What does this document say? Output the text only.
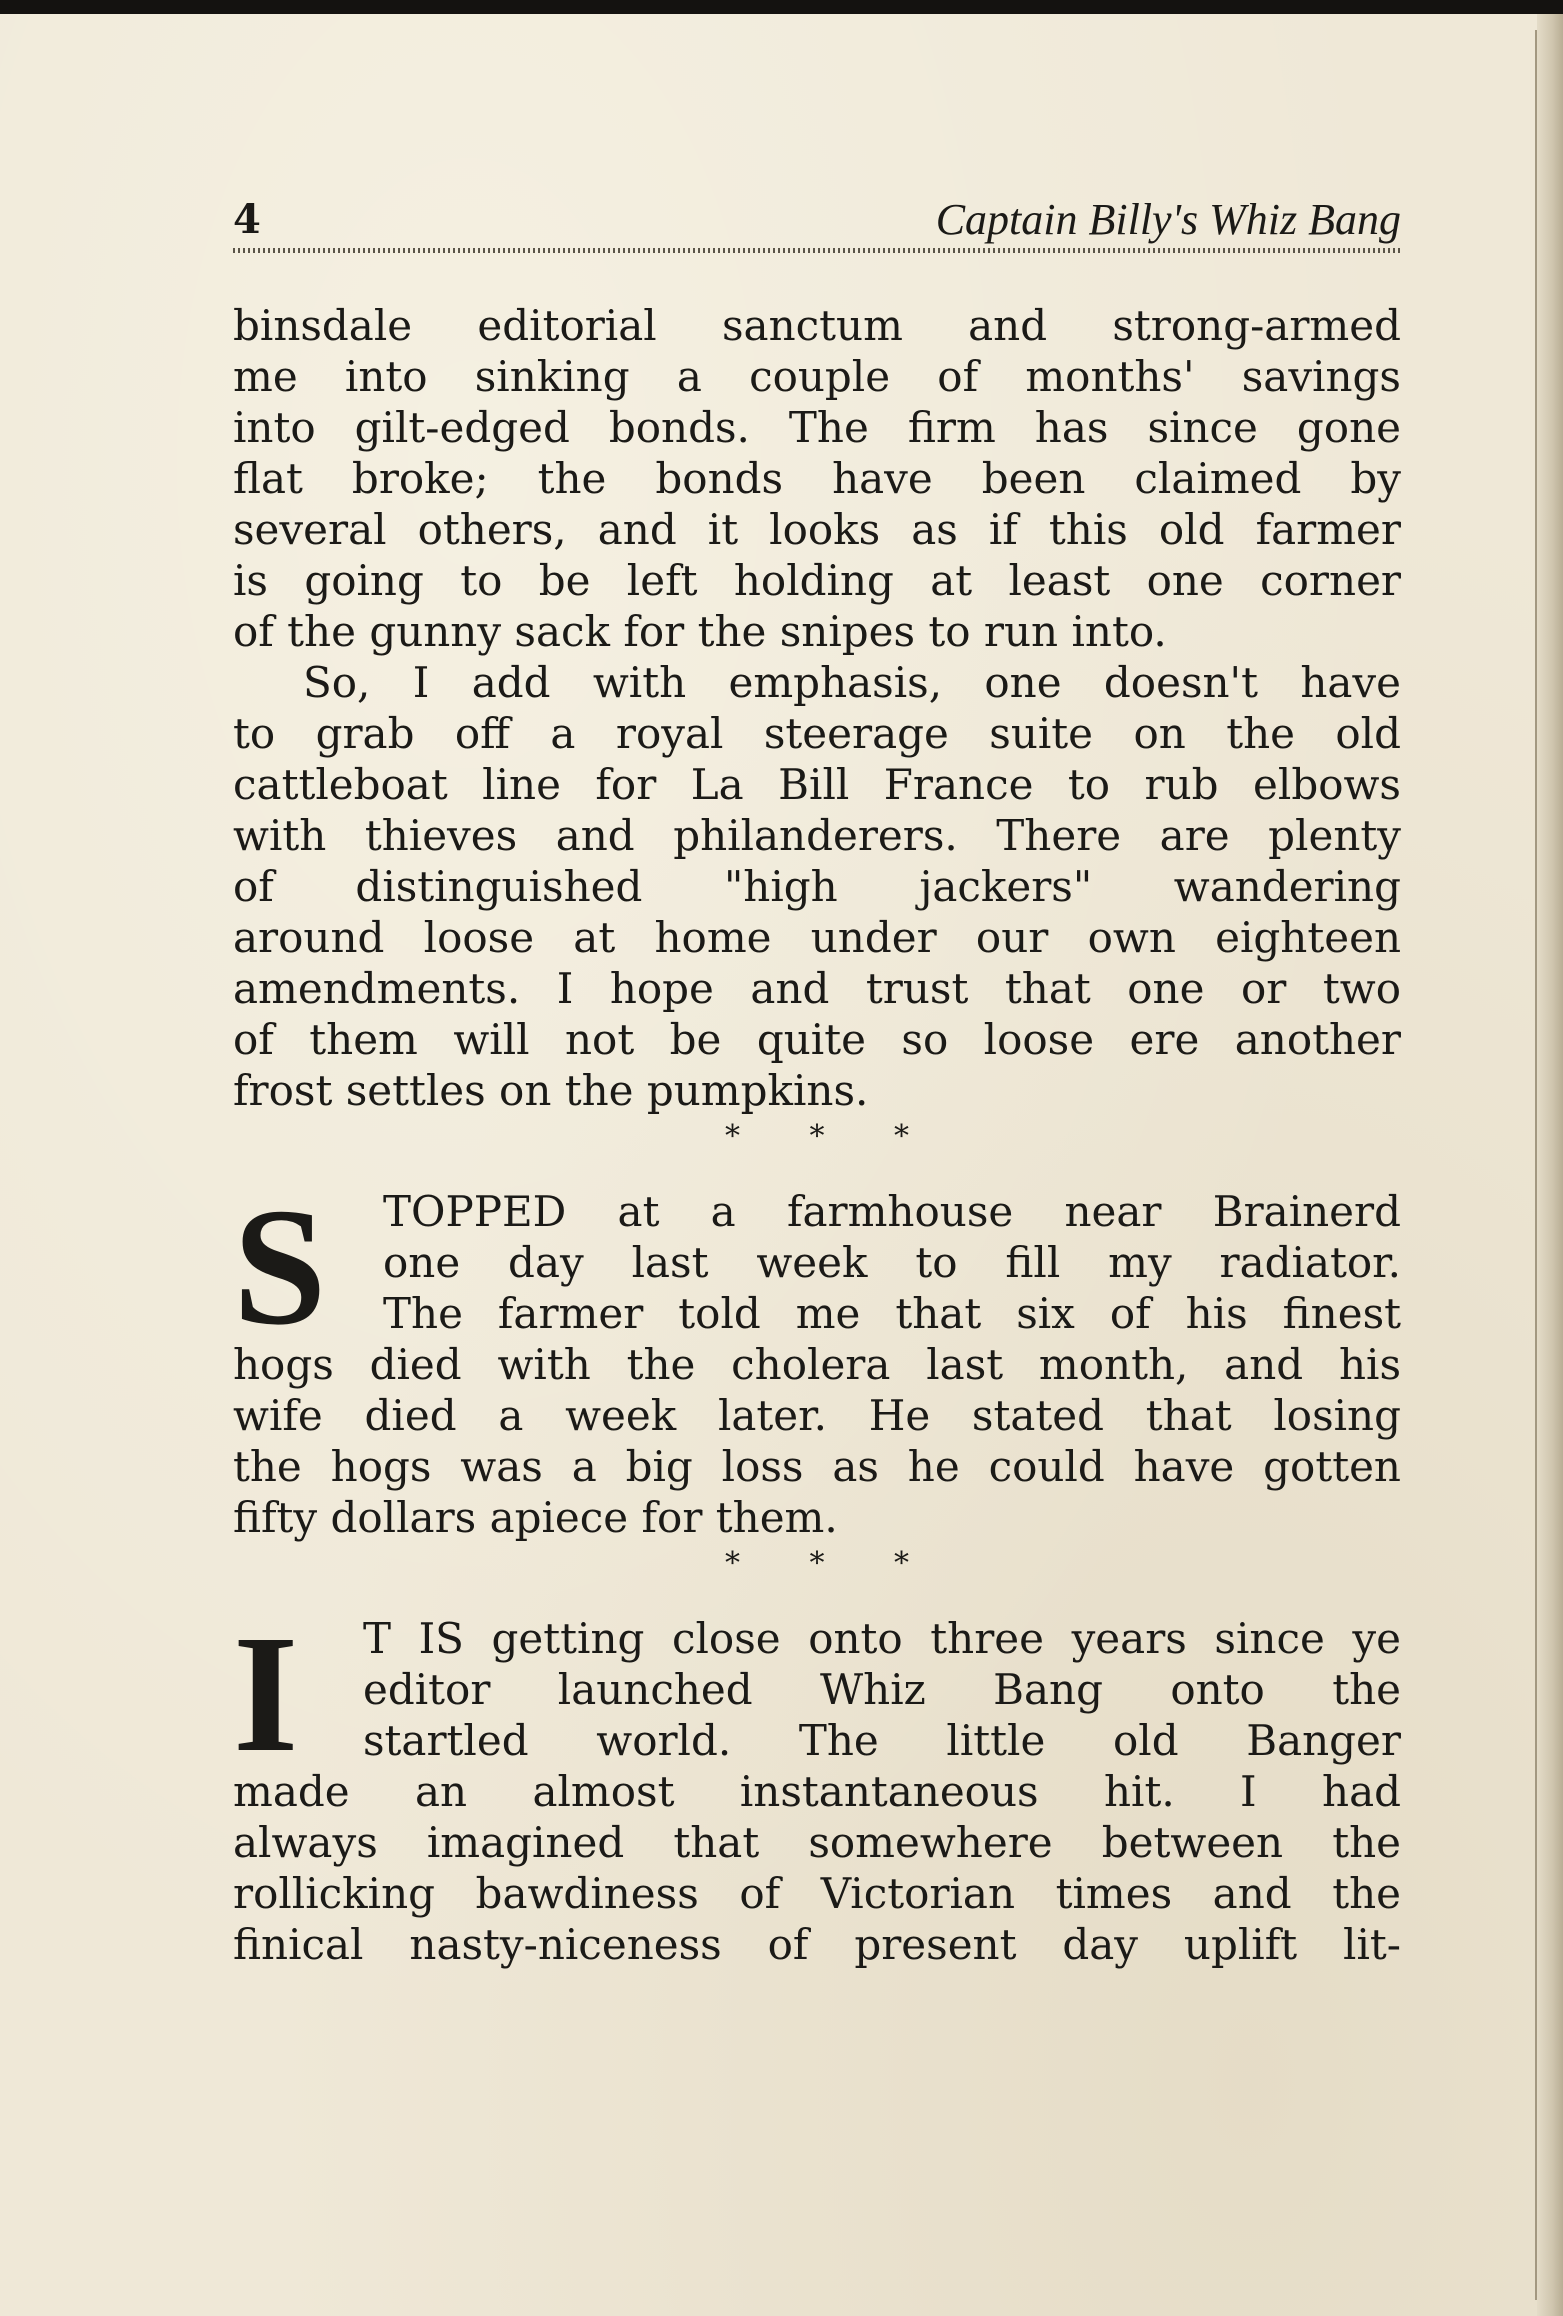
4	Captain Billy's Whiz Bang
binsdale editorial sanctum and strong-armed
me into sinking a couple of months' savings
into gilt-edged bonds. The firm has since gone
flat broke; the bonds have been claimed by
several others, and it looks as if this old farmer
is going to be left holding at least one corner
of the gunny sack for the snipes to run into.
So, I add with emphasis, one doesn't have
to grab off a royal steerage suite on the old
cattleboat line for La Bill France to rub elbows
with thieves and philanderers. There are plenty
of distinguished "high jackers" wandering
around loose at home under our own eighteen
amendments. I hope and trust that one or two
of them will not be quite so loose ere another
frost settles on the pumpkins.
* * *
S	TOPPED at a farmhouse near Brainerd
one day last week to fill my radiator.
The farmer told me that six of his finest
hogs died with the cholera last month, and his
wife died a week later. He stated that losing
the hogs was a big loss as he could have gotten
fifty dollars apiece for them.
* * *
I	T IS getting close onto three years since ye
editor launched Whiz Bang onto the
startled world. The little old Banger
made an almost instantaneous hit. I had
always imagined that somewhere between the
rollicking bawdiness of Victorian times and the
finical nasty-niceness of present day uplift lit-
